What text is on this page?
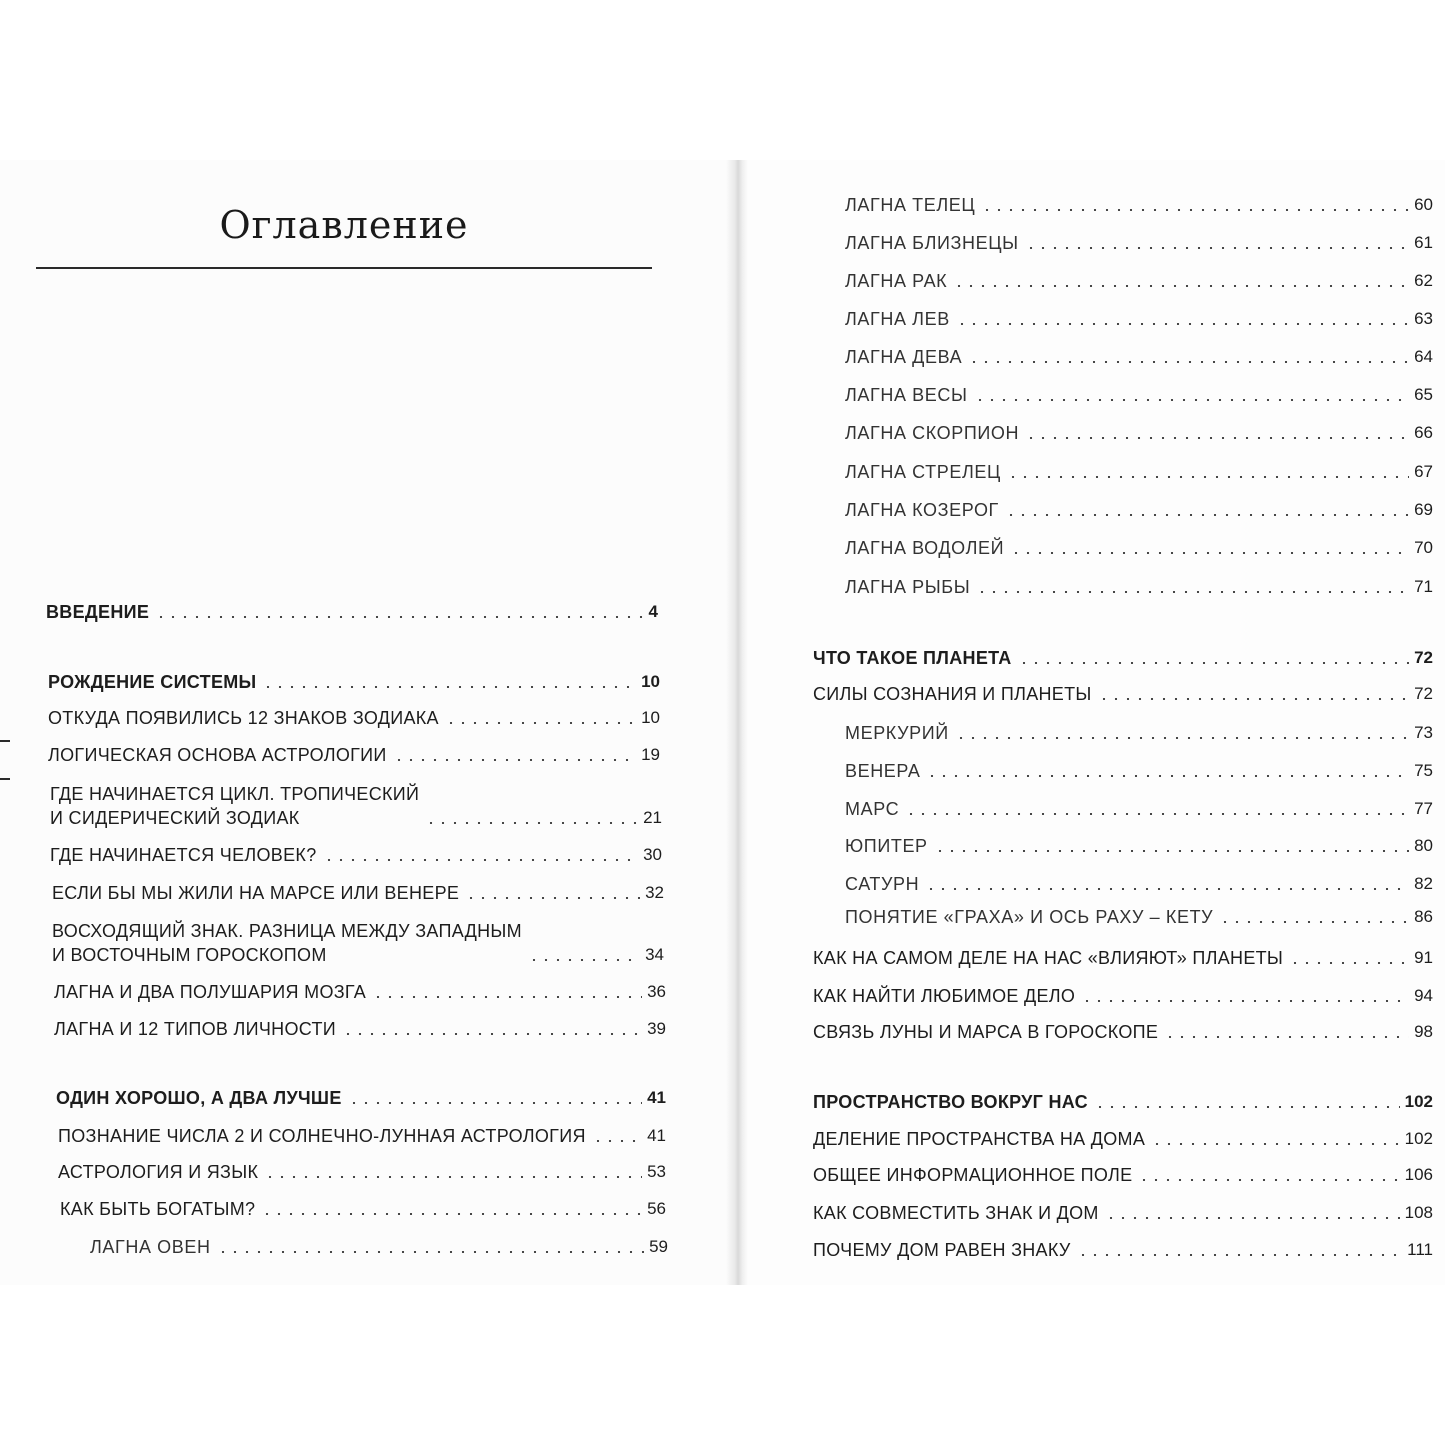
Оглавление
ВВЕДЕНИЕ	4
РОЖДЕНИЕ СИСТЕМЫ	10
ОТКУДА ПОЯВИЛИСЬ 12 ЗНАКОВ ЗОДИАКА	10
ЛОГИЧЕСКАЯ ОСНОВА АСТРОЛОГИИ	19
ГДЕ НАЧИНАЕТСЯ ЦИКЛ. ТРОПИЧЕСКИЙ
И СИДЕРИЧЕСКИЙ ЗОДИАК	21
ГДЕ НАЧИНАЕТСЯ ЧЕЛОВЕК?	30
ЕСЛИ БЫ МЫ ЖИЛИ НА МАРСЕ ИЛИ ВЕНЕРЕ	32
ВОСХОДЯЩИЙ ЗНАК. РАЗНИЦА МЕЖДУ ЗАПАДНЫМ
И ВОСТОЧНЫМ ГОРОСКОПОМ	34
ЛАГНА И ДВА ПОЛУШАРИЯ МОЗГА	36
ЛАГНА И 12 ТИПОВ ЛИЧНОСТИ	39
ОДИН ХОРОШО, А ДВА ЛУЧШЕ	41
ПОЗНАНИЕ ЧИСЛА 2 И СОЛНЕЧНО-ЛУННАЯ АСТРОЛОГИЯ	41
АСТРОЛОГИЯ И ЯЗЫК	53
КАК БЫТЬ БОГАТЫМ?	56
ЛАГНА ОВЕН	59
ЛАГНА ТЕЛЕЦ	60
ЛАГНА БЛИЗНЕЦЫ	61
ЛАГНА РАК	62
ЛАГНА ЛЕВ	63
ЛАГНА ДЕВА	64
ЛАГНА ВЕСЫ	65
ЛАГНА СКОРПИОН	66
ЛАГНА СТРЕЛЕЦ	67
ЛАГНА КОЗЕРОГ	69
ЛАГНА ВОДОЛЕЙ	70
ЛАГНА РЫБЫ	71
ЧТО ТАКОЕ ПЛАНЕТА	72
СИЛЫ СОЗНАНИЯ И ПЛАНЕТЫ	72
МЕРКУРИЙ	73
ВЕНЕРА	75
МАРС	77
ЮПИТЕР	80
САТУРН	82
ПОНЯТИЕ «ГРАХА» И ОСЬ РАХУ – КЕТУ	86
КАК НА САМОМ ДЕЛЕ НА НАС «ВЛИЯЮТ» ПЛАНЕТЫ	91
КАК НАЙТИ ЛЮБИМОЕ ДЕЛО	94
СВЯЗЬ ЛУНЫ И МАРСА В ГОРОСКОПЕ	98
ПРОСТРАНСТВО ВОКРУГ НАС	102
ДЕЛЕНИЕ ПРОСТРАНСТВА НА ДОМА	102
ОБЩЕЕ ИНФОРМАЦИОННОЕ ПОЛЕ	106
КАК СОВМЕСТИТЬ ЗНАК И ДОМ	108
ПОЧЕМУ ДОМ РАВЕН ЗНАКУ	111
